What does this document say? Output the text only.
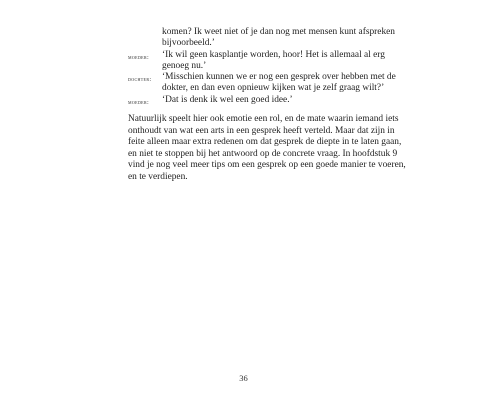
komen? Ik weet niet of je dan nog met mensen kunt afspreken
bijvoorbeeld.’
moeder:	‘Ik wil geen kasplantje worden, hoor! Het is allemaal al erg
genoeg nu.’
dochter:	‘Misschien kunnen we er nog een gesprek over hebben met de
dokter, en dan even opnieuw kijken wat je zelf graag wilt?’
moeder:	‘Dat is denk ik wel een goed idee.’
Natuurlijk speelt hier ook emotie een rol, en de mate waarin iemand iets
onthoudt van wat een arts in een gesprek heeft verteld. Maar dat zijn in
feite alleen maar extra redenen om dat gesprek de diepte in te laten gaan,
en niet te stoppen bij het antwoord op de concrete vraag. In hoofdstuk 9
vind je nog veel meer tips om een gesprek op een goede manier te voeren,
en te verdiepen.
36
